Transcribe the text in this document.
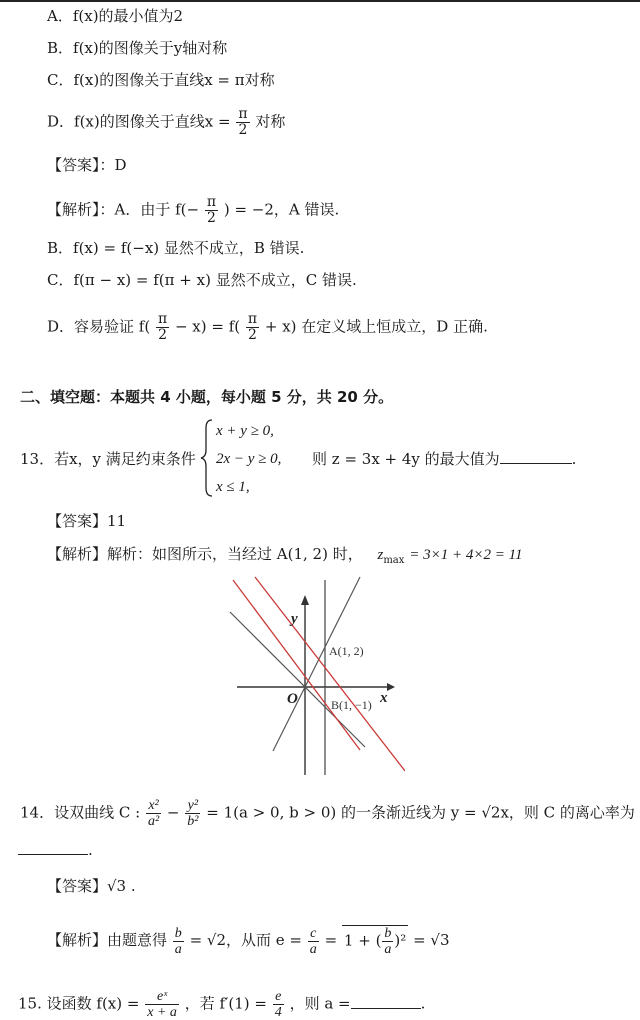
A．f(x)的最小值为2
B．f(x)的图像关于y轴对称
C．f(x)的图像关于直线x = π对称
D．f(x)的图像关于直线$x = \frac{\pi}{2}$ 对称
【答案】：D
【解析】：A．由于 $f(- \frac{\pi}{2}$ ) = −2，A 错误.
B．f(x) = f(−x) 显然不成立，B 错误.
C．f(π − x) = f(π + x) 显然不成立，C 错误.
D．容易验证 $f( \frac{\pi}{2} - x) = f( \frac{\pi}{2} + x)$ 在定义域上恒成立，D 正确.
二、填空题：本题共 4 小题，每小题 5 分，共 20 分。
13．若x，y 满足约束条件
x + y ≥ 0,
2x − y ≥ 0,
x ≤ 1,
则 z = 3x + 4y 的最大值为	.
【答案】11
【解析】解析：如图所示，当经过 A(1, 2) 时， $z_{max} = 3\times 1 + 4\times 2 = 11$
y
x
O
A(1, 2)
B(1, −1)
14．设双曲线 C : $\frac{\text{x²}}{\text{a²}} - \frac{\text{y²}}{\text{b²}} = 1(a > 0$, b > 0) 的一条渐近线为 y = √2x，则 C 的离心率为
.
【答案】√3 .
【解析】由题意得 $\frac{b}{a} = √2$，从而 $e = \frac{c}{a} = 1$ + ( $\frac{b}{a} )^2 = √3$
15. 设函数 $f(x) = \frac{\text{eˣ}}{x + a}$ ，若 $f'(1) = \frac{e}{4}$ ，则 a =	.
